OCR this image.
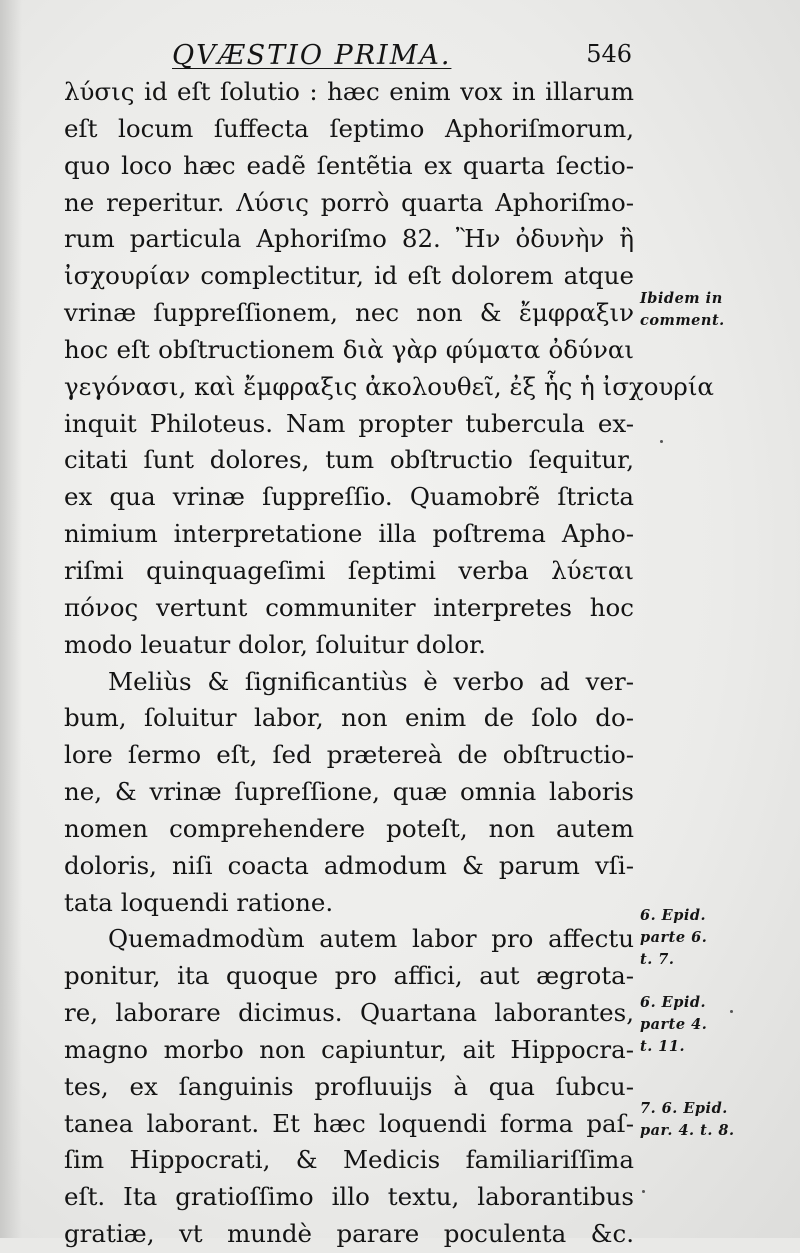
QVÆSTIO PRIMA.	546
λύσις id eſt ſolutio : hæc enim vox in illarum
eſt locum ſuffecta ſeptimo Aphoriſmorum,
quo loco hæc eadẽ ſentẽtia ex quarta ſectio-
ne reperitur. Λύσις porrò quarta Aphoriſmo-
rum particula Aphoriſmo 82. Ἢν ὀδυνὴν ἢ
ἰσχουρίαν complectitur, id eſt dolorem atque
vrinæ ſuppreſſionem, nec non & ἔμφραξιν
hoc eſt obſtructionem διὰ γὰρ φύματα ὀδύναι
γεγόνασι, καὶ ἔμφραξις ἀκολουθεῖ, ἐξ ἧς ἡ ἰσχουρία
inquit Philoteus. Nam propter tubercula ex-
citati ſunt dolores, tum obſtructio ſequitur,
ex qua vrinæ ſuppreſſio. Quamobrẽ ſtricta
nimium interpretatione illa poſtrema Apho-
riſmi quinquageſimi ſeptimi verba λύεται
πόνος vertunt communiter interpretes hoc
modo leuatur dolor, ſoluitur dolor.
Meliùs & ſignificantiùs è verbo ad ver-
bum, ſoluitur labor, non enim de ſolo do-
lore ſermo eſt, ſed prætereà de obſtructio-
ne, & vrinæ ſupreſſione, quæ omnia laboris
nomen comprehendere poteſt, non autem
doloris, niſi coacta admodum & parum vſi-
tata loquendi ratione.
Quemadmodùm autem labor pro affectu
ponitur, ita quoque pro affici, aut ægrota-
re, laborare dicimus. Quartana laborantes,
magno morbo non capiuntur, ait Hippocra-
tes, ex ſanguinis profluuijs à qua ſubcu-
tanea laborant. Et hæc loquendi forma paſ-
ſim Hippocrati, & Medicis familiariſſima
eſt. Ita gratioſſimo illo textu, laborantibus
gratiæ, vt mundè parare poculenta &c.
Ibidem in
comment.
6. Epid.
parte 6.
t. 7.
6. Epid.
parte 4.
t. 11.
7. 6. Epid.
par. 4. t. 8.
